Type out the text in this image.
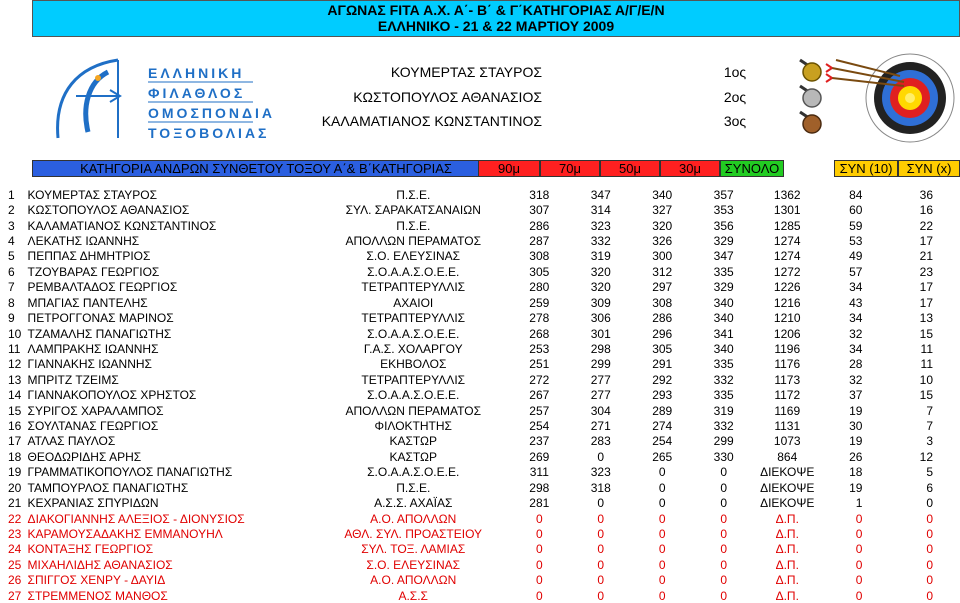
ΑΓΩΝΑΣ FITA Α.Χ. Α΄- Β΄ & Γ΄ΚΑΤΗΓΟΡΙΑΣ Α/Γ/Ε/Ν
ΕΛΛΗΝΙΚΟ - 21 & 22 ΜΑΡΤΙΟΥ 2009
ΕΛΛΗΝΙΚΗ
ΦΙΛΑΘΛΟΣ
ΟΜΟΣΠΟΝΔΙΑ
ΤΟΞΟΒΟΛΙΑΣ
ΚΟΥΜΕΡΤΑΣ ΣΤΑΥΡΟΣ	1ος
ΚΩΣΤΟΠΟΥΛΟΣ ΑΘΑΝΑΣΙΟΣ	2ος
ΚΑΛΑΜΑΤΙΑΝΟΣ ΚΩΝΣΤΑΝΤΙΝΟΣ	3ος
ΚΑΤΗΓΟΡΙΑ ΑΝΔΡΩΝ ΣΥΝΘΕΤΟΥ ΤΟΞΟΥ Α΄& Β΄ΚΑΤΗΓΟΡΙΑΣ	90μ	70μ	50μ	30μ	ΣΥΝΟΛΟ	ΣΥΝ (10)	ΣΥΝ (x)
1	ΚΟΥΜΕΡΤΑΣ ΣΤΑΥΡΟΣ	Π.Σ.Ε.	318	347	340	357	1362	84	36
2	ΚΩΣΤΟΠΟΥΛΟΣ ΑΘΑΝΑΣΙΟΣ	ΣΥΛ. ΣΑΡΑΚΑΤΣΑΝΑΙΩΝ	307	314	327	353	1301	60	16
3	ΚΑΛΑΜΑΤΙΑΝΟΣ ΚΩΝΣΤΑΝΤΙΝΟΣ	Π.Σ.Ε.	286	323	320	356	1285	59	22
4	ΛΕΚΑΤΗΣ ΙΩΑΝΝΗΣ	ΑΠΟΛΛΩΝ ΠΕΡΑΜΑΤΟΣ	287	332	326	329	1274	53	17
5	ΠΕΠΠΑΣ ΔΗΜΗΤΡΙΟΣ	Σ.Ο. ΕΛΕΥΣΙΝΑΣ	308	319	300	347	1274	49	21
6	ΤΖΟΥΒΑΡΑΣ ΓΕΩΡΓΙΟΣ	Σ.Ο.Α.Α.Σ.Ο.Ε.Ε.	305	320	312	335	1272	57	23
7	ΡΕΜΒΑΛΤΑΔΟΣ ΓΕΩΡΓΙΟΣ	ΤΕΤΡΑΠΤΕΡΥΛΛΙΣ	280	320	297	329	1226	34	17
8	ΜΠΑΓΙΑΣ ΠΑΝΤΕΛΗΣ	ΑΧΑΙΟΙ	259	309	308	340	1216	43	17
9	ΠΕΤΡΟΓΓΟΝΑΣ ΜΑΡΙΝΟΣ	ΤΕΤΡΑΠΤΕΡΥΛΛΙΣ	278	306	286	340	1210	34	13
10	ΤΖΑΜΑΛΗΣ ΠΑΝΑΓΙΩΤΗΣ	Σ.Ο.Α.Α.Σ.Ο.Ε.Ε.	268	301	296	341	1206	32	15
11	ΛΑΜΠΡΑΚΗΣ ΙΩΑΝΝΗΣ	Γ.Α.Σ. ΧΟΛΑΡΓΟΥ	253	298	305	340	1196	34	11
12	ΓΙΑΝΝΑΚΗΣ ΙΩΑΝΝΗΣ	ΕΚΗΒΟΛΟΣ	251	299	291	335	1176	28	11
13	ΜΠΡΙΤΖ ΤΖΕΙΜΣ	ΤΕΤΡΑΠΤΕΡΥΛΛΙΣ	272	277	292	332	1173	32	10
14	ΓΙΑΝΝΑΚΟΠΟΥΛΟΣ ΧΡΗΣΤΟΣ	Σ.Ο.Α.Α.Σ.Ο.Ε.Ε.	267	277	293	335	1172	37	15
15	ΣΥΡΙΓΟΣ ΧΑΡΑΛΑΜΠΟΣ	ΑΠΟΛΛΩΝ ΠΕΡΑΜΑΤΟΣ	257	304	289	319	1169	19	7
16	ΣΟΥΛΤΑΝΑΣ ΓΕΩΡΓΙΟΣ	ΦΙΛΟΚΤΗΤΗΣ	254	271	274	332	1131	30	7
17	ΑΤΛΑΣ ΠΑΥΛΟΣ	ΚΑΣΤΩΡ	237	283	254	299	1073	19	3
18	ΘΕΟΔΩΡΙΔΗΣ ΑΡΗΣ	ΚΑΣΤΩΡ	269	0	265	330	864	26	12
19	ΓΡΑΜΜΑΤΙΚΟΠΟΥΛΟΣ ΠΑΝΑΓΙΩΤΗΣ	Σ.Ο.Α.Α.Σ.Ο.Ε.Ε.	311	323	0	0	ΔΙΕΚΟΨΕ	18	5
20	ΤΑΜΠΟΥΡΛΟΣ ΠΑΝΑΓΙΩΤΗΣ	Π.Σ.Ε.	298	318	0	0	ΔΙΕΚΟΨΕ	19	6
21	ΚΕΧΡΑΝΙΑΣ ΣΠΥΡΙΔΩΝ	Α.Σ.Σ. ΑΧΑΪΑΣ	281	0	0	0	ΔΙΕΚΟΨΕ	1	0
22	ΔΙΑΚΟΓΙΑΝΝΗΣ ΑΛΕΞΙΟΣ - ΔΙΟΝΥΣΙΟΣ	Α.Ο. ΑΠΟΛΛΩΝ	0	0	0	0	Δ.Π.	0	0
23	ΚΑΡΑΜΟΥΣΑΔΑΚΗΣ ΕΜΜΑΝΟΥΗΛ	ΑΘΛ. ΣΥΛ. ΠΡΟΑΣΤΕΙΟΥ	0	0	0	0	Δ.Π.	0	0
24	ΚΟΝΤΑΞΗΣ ΓΕΩΡΓΙΟΣ	ΣΥΛ. ΤΟΞ. ΛΑΜΙΑΣ	0	0	0	0	Δ.Π.	0	0
25	ΜΙΧΑΗΛΙΔΗΣ ΑΘΑΝΑΣΙΟΣ	Σ.Ο. ΕΛΕΥΣΙΝΑΣ	0	0	0	0	Δ.Π.	0	0
26	ΣΠΙΓΓΟΣ ΧΕΝΡΥ - ΔΑΥΙΔ	Α.Ο. ΑΠΟΛΛΩΝ	0	0	0	0	Δ.Π.	0	0
27	ΣΤΡΕΜΜΕΝΟΣ ΜΑΝΘΟΣ	Α.Σ.Σ	0	0	0	0	Δ.Π.	0	0
